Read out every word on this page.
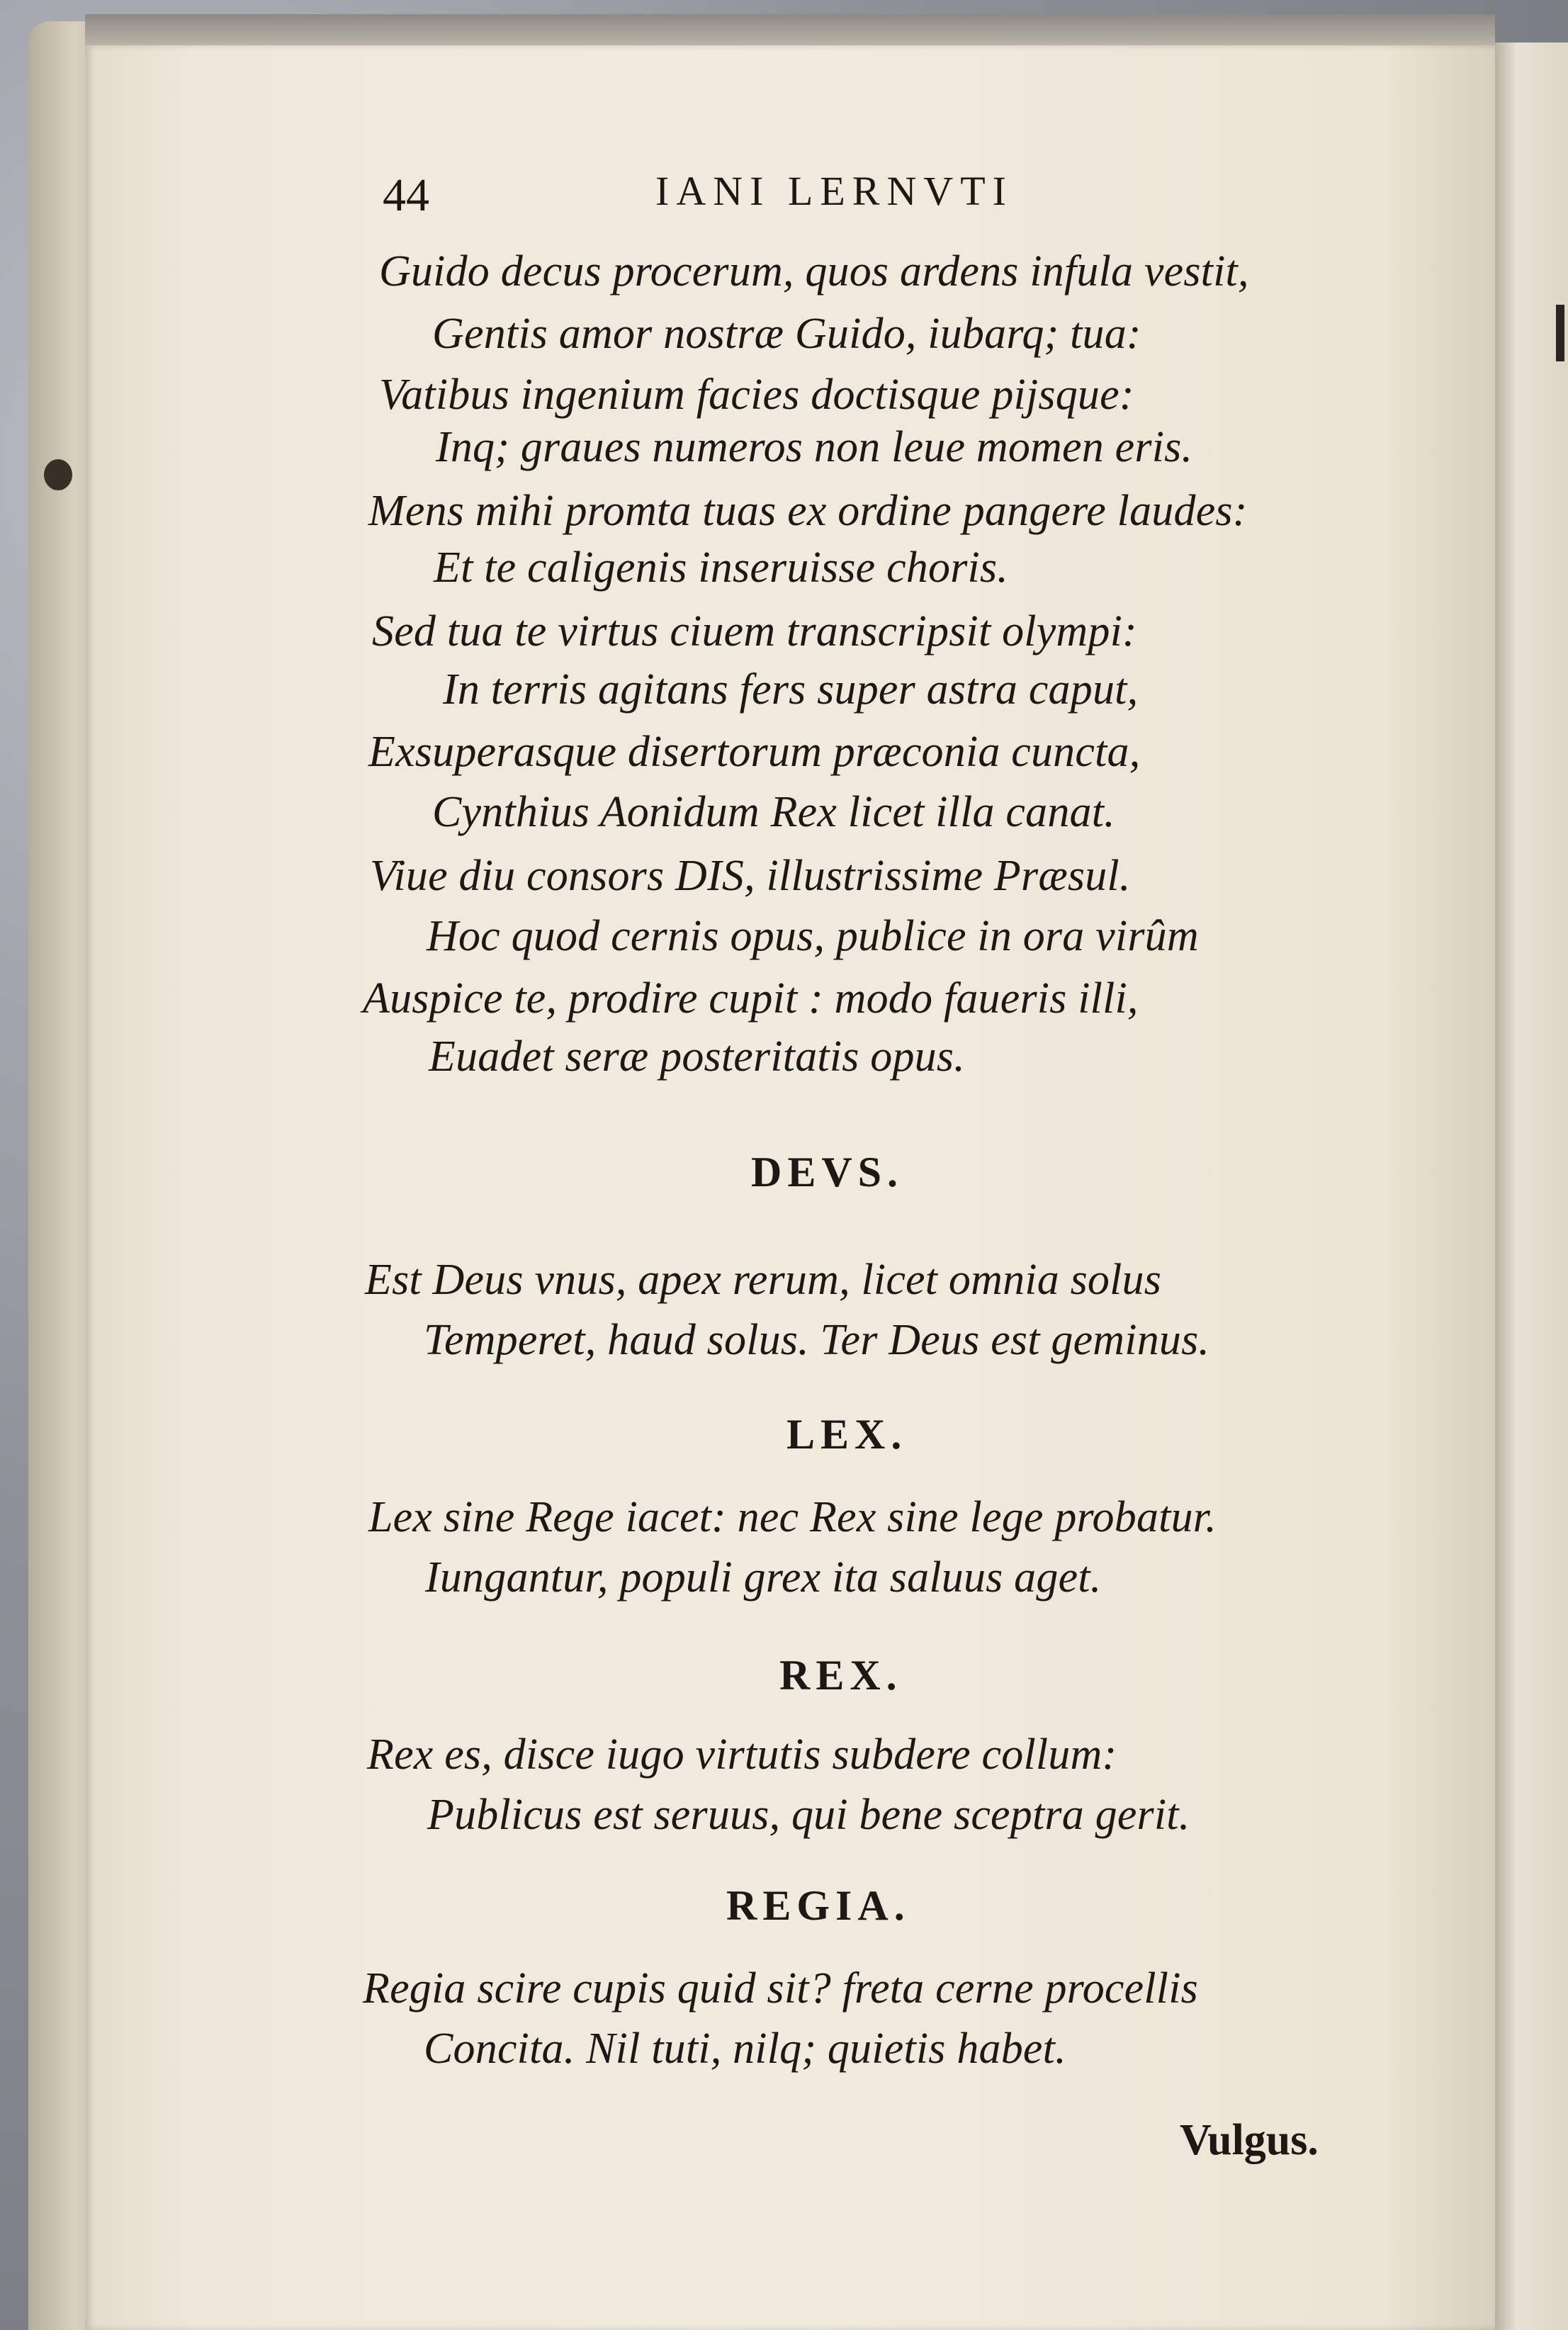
44	IANI LERNVTI
Guido decus procerum, quos ardens infula vestit,
Gentis amor nostræ Guido, iubarq; tua:
Vatibus ingenium facies doctisque pijsque:
Inq; graues numeros non leue momen eris.
Mens mihi promta tuas ex ordine pangere laudes:
Et te caligenis inseruisse choris.
Sed tua te virtus ciuem transcripsit olympi:
In terris agitans fers super astra caput,
Exsuperasque disertorum præconia cuncta,
Cynthius Aonidum Rex licet illa canat.
Viue diu consors DIS, illustrissime Præsul.
Hoc quod cernis opus, publice in ora virûm
Auspice te, prodire cupit : modo faueris illi,
Euadet seræ posteritatis opus.
DEVS.
Est Deus vnus, apex rerum, licet omnia solus
Temperet, haud solus. Ter Deus est geminus.
LEX.
Lex sine Rege iacet: nec Rex sine lege probatur.
Iungantur, populi grex ita saluus aget.
REX.
Rex es, disce iugo virtutis subdere collum:
Publicus est seruus, qui bene sceptra gerit.
REGIA.
Regia scire cupis quid sit? freta cerne procellis
Concita. Nil tuti, nilq; quietis habet.
Vulgus.
